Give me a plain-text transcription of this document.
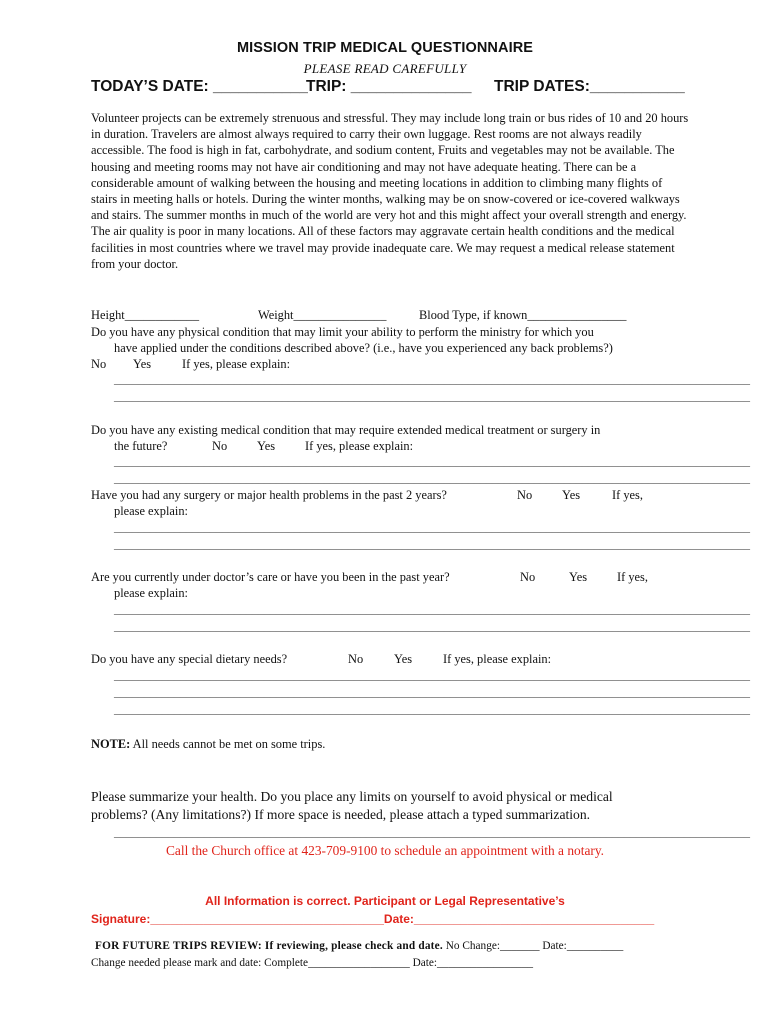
MISSION TRIP MEDICAL QUESTIONNAIRE
PLEASE READ CAREFULLY
TODAY’S DATE: ___________
TRIP: ______________ TRIP DATES:___________
Volunteer projects can be extremely strenuous and stressful. They may include long train or bus rides of 10 and 20 hours in duration. Travelers are almost always required to carry their own luggage. Rest rooms are not always readily accessible. The food is high in fat, carbohydrate, and sodium content, Fruits and vegetables may not be available. The housing and meeting rooms may not have air conditioning and may not have adequate heating. There can be a considerable amount of walking between the housing and meeting locations in addition to climbing many flights of stairs in meeting halls or hotels. During the winter months, walking may be on snow-covered or ice-covered walkways and stairs. The summer months in much of the world are very hot and this might affect your overall strength and energy. The air quality is poor in many locations. All of these factors may aggravate certain health conditions and the medical facilities in most countries where we travel may provide inadequate care. We may request a medical release statement from your doctor.
Height____________	Weight_______________	Blood Type, if known________________
Do you have any physical condition that may limit your ability to perform the ministry for which you
have applied under the conditions described above? (i.e., have you experienced any back problems?)
No Yes If yes, please explain:
__________________________________________________________________________________________________________
__________________________________________________________________________________________________________
Do you have any existing medical condition that may require extended medical treatment or surgery in
the future?	No Yes If yes, please explain:
__________________________________________________________________________________________________________
__________________________________________________________________________________________________________
Have you had any surgery or major health problems in the past 2 years?	No Yes	If yes,
please explain:
__________________________________________________________________________________________________________
__________________________________________________________________________________________________________
Are you currently under doctor’s care or have you been in the past year?	No	Yes If yes,
please explain:
__________________________________________________________________________________________________________
__________________________________________________________________________________________________________
Do you have any special dietary needs?	No Yes If yes, please explain:
__________________________________________________________________________________________________________
__________________________________________________________________________________________________________
__________________________________________________________________________________________________________
NOTE: All needs cannot be met on some trips.
Please summarize your health. Do you place any limits on yourself to avoid physical or medical
problems? (Any limitations?) If more space is needed, please attach a typed summarization.
__________________________________________________________________________________________________________
Call the Church office at 423-709-9100 to schedule an appointment with a notary.
All Information is correct. Participant or Legal Representative’s
Signature:___________________________________Date:____________________________________
FOR FUTURE TRIPS REVIEW: If reviewing, please check and date. No Change:_______ Date:__________
Change needed please mark and date: Complete__________________ Date:_________________
